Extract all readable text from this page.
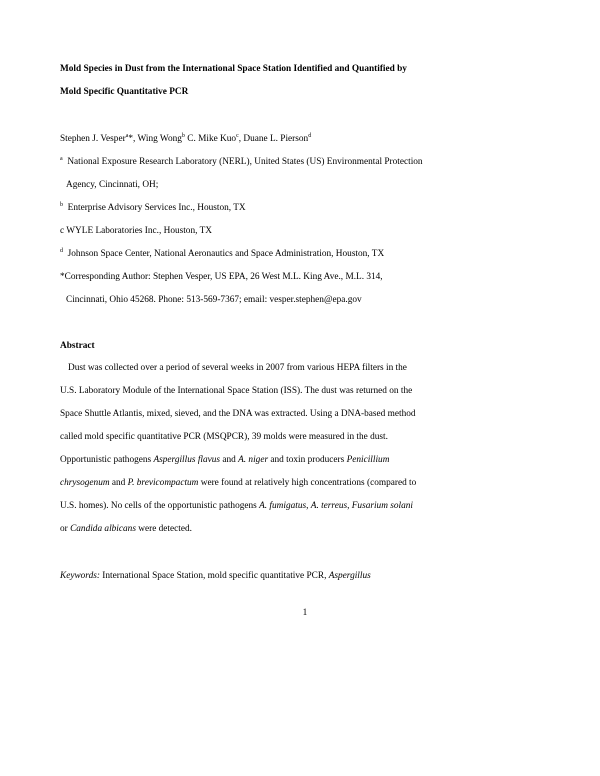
Mold Species in Dust from the International Space Station Identified and Quantified by

Mold Specific Quantitative PCR

Stephen J. Vesper$^a$*, Wing Wong$^b$ C. Mike Kuo$^c$, Duane L. Pierson$^d$
$^a$ National Exposure Research Laboratory (NERL), United States (US) Environmental Protection
Agency, Cincinnati, OH;
$^b$ Enterprise Advisory Services Inc., Houston, TX
c WYLE Laboratories Inc., Houston, TX
$^d$ Johnson Space Center, National Aeronautics and Space Administration, Houston, TX
*Corresponding Author: Stephen Vesper, US EPA, 26 West M.L. King Ave., M.L. 314,
Cincinnati, Ohio 45268. Phone: 513-569-7367; email: vesper.stephen@epa.gov
Abstract
Dust was collected over a period of several weeks in 2007 from various HEPA filters in the
U.S. Laboratory Module of the International Space Station (ISS). The dust was returned on the
Space Shuttle Atlantis, mixed, sieved, and the DNA was extracted. Using a DNA-based method
called mold specific quantitative PCR (MSQPCR), 39 molds were measured in the dust.
Opportunistic pathogens Aspergillus flavus and A. niger and toxin producers Penicillium
chrysogenum and P. brevicompactum were found at relatively high concentrations (compared to
U.S. homes). No cells of the opportunistic pathogens A. fumigatus, A. terreus, Fusarium solani
or Candida albicans were detected.
Keywords: International Space Station, mold specific quantitative PCR, Aspergillus
1
